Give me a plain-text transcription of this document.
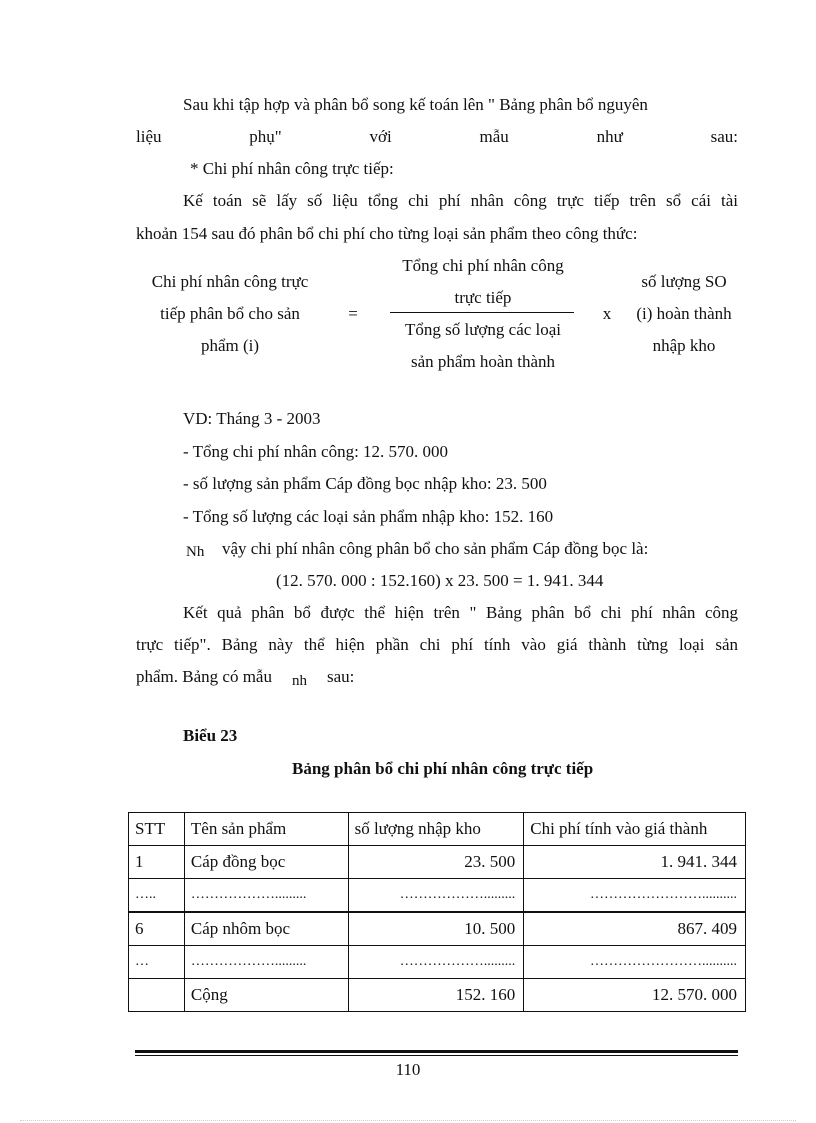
Sau khi tập hợp và phân bổ song kế toán lên " Bảng phân bổ nguyên
liệu	phụ"	với	mẫu	như	sau:
* Chi phí nhân công trực tiếp:
Kế toán sẽ lấy số liệu tổng chi phí nhân công trực tiếp trên sổ cái tài
khoản 154 sau đó phân bổ chi phí cho từng loại sản phẩm theo công thức:
Chi phí nhân công trực
tiếp phân bổ cho sản
phẩm (i)
=
Tổng chi phí nhân công
trực tiếp
Tổng số lượng các loại
sản phẩm hoàn thành
x
số lượng SO
(i) hoàn thành
nhập kho
VD: Tháng 3 - 2003
- Tổng chi phí nhân công: 12. 570. 000
- số lượng sản phẩm Cáp đồng bọc nhập kho: 23. 500
- Tổng số lượng các loại sản phẩm nhập kho: 152. 160
Nh vậy chi phí nhân công phân bổ cho sản phẩm Cáp đồng bọc là:
(12. 570. 000 : 152.160) x 23. 500 = 1. 941. 344
Kết quả phân bổ được thể hiện trên " Bảng phân bổ chi phí nhân công
trực tiếp". Bảng này thể hiện phần chi phí tính vào giá thành từng loại sản
phẩm. Bảng có mẫu nh sau:
Biểu 23
Bảng phân bổ chi phí nhân công trực tiếp
STT	Tên sản phẩm	số lượng nhập kho	Chi phí tính vào giá thành
1	Cáp đồng bọc	23. 500	1. 941. 344
…..	……………….........	……………….........	……………………..........
6	Cáp nhôm bọc	10. 500	867. 409
…	……………….........	……………….........	……………………..........
	Cộng	152. 160	12. 570. 000
110
